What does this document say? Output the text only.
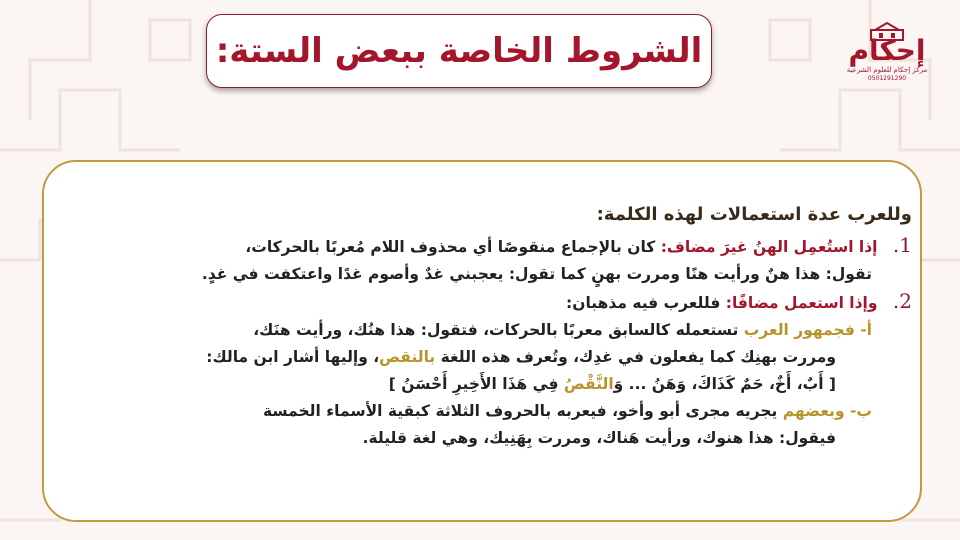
إحكام
مركز إحكام للعلوم الشرعية
0501291290
الشروط الخاصة ببعض الستة:
وللعرب عدة استعمالات لهذه الكلمة:
1. إذا استُعمِل الهنُ غيرَ مضاف: كان بالإجماع منقوصًا أي محذوف اللام مُعربًا بالحركات،
تقول: هذا هنٌ ورأيت هنًا ومررت بهنٍ كما تقول: يعجبني غدٌ وأصوم غدًا واعتكفت في غدٍ.
2. وإذا استعمل مضافًا: فللعرب فيه مذهبان:
أ- فجمهور العرب تستعمله كالسابق معربًا بالحركات، فتقول: هذا هنُك، ورأيت هنَك،
ومررت بهنِك كما يفعلون في غدِك، وتُعرف هذه اللغة بالنقص، وإليها أشار ابن مالك:
[ أَبٌ، أَخٌ، حَمٌ كَذَاكَ، وَهَنُ ... وَالنَّقْصُ فِي هَذَا الأَخِيرِ أَحْسَنُ ]
ب- وبعضهم يجريه مجرى أبو وأخو، فيعربه بالحروف الثلاثة كبقية الأسماء الخمسة
فيقول: هذا هنوك، ورأيت هَناك، ومررت بِهَنِيك، وهي لغة قليلة.
